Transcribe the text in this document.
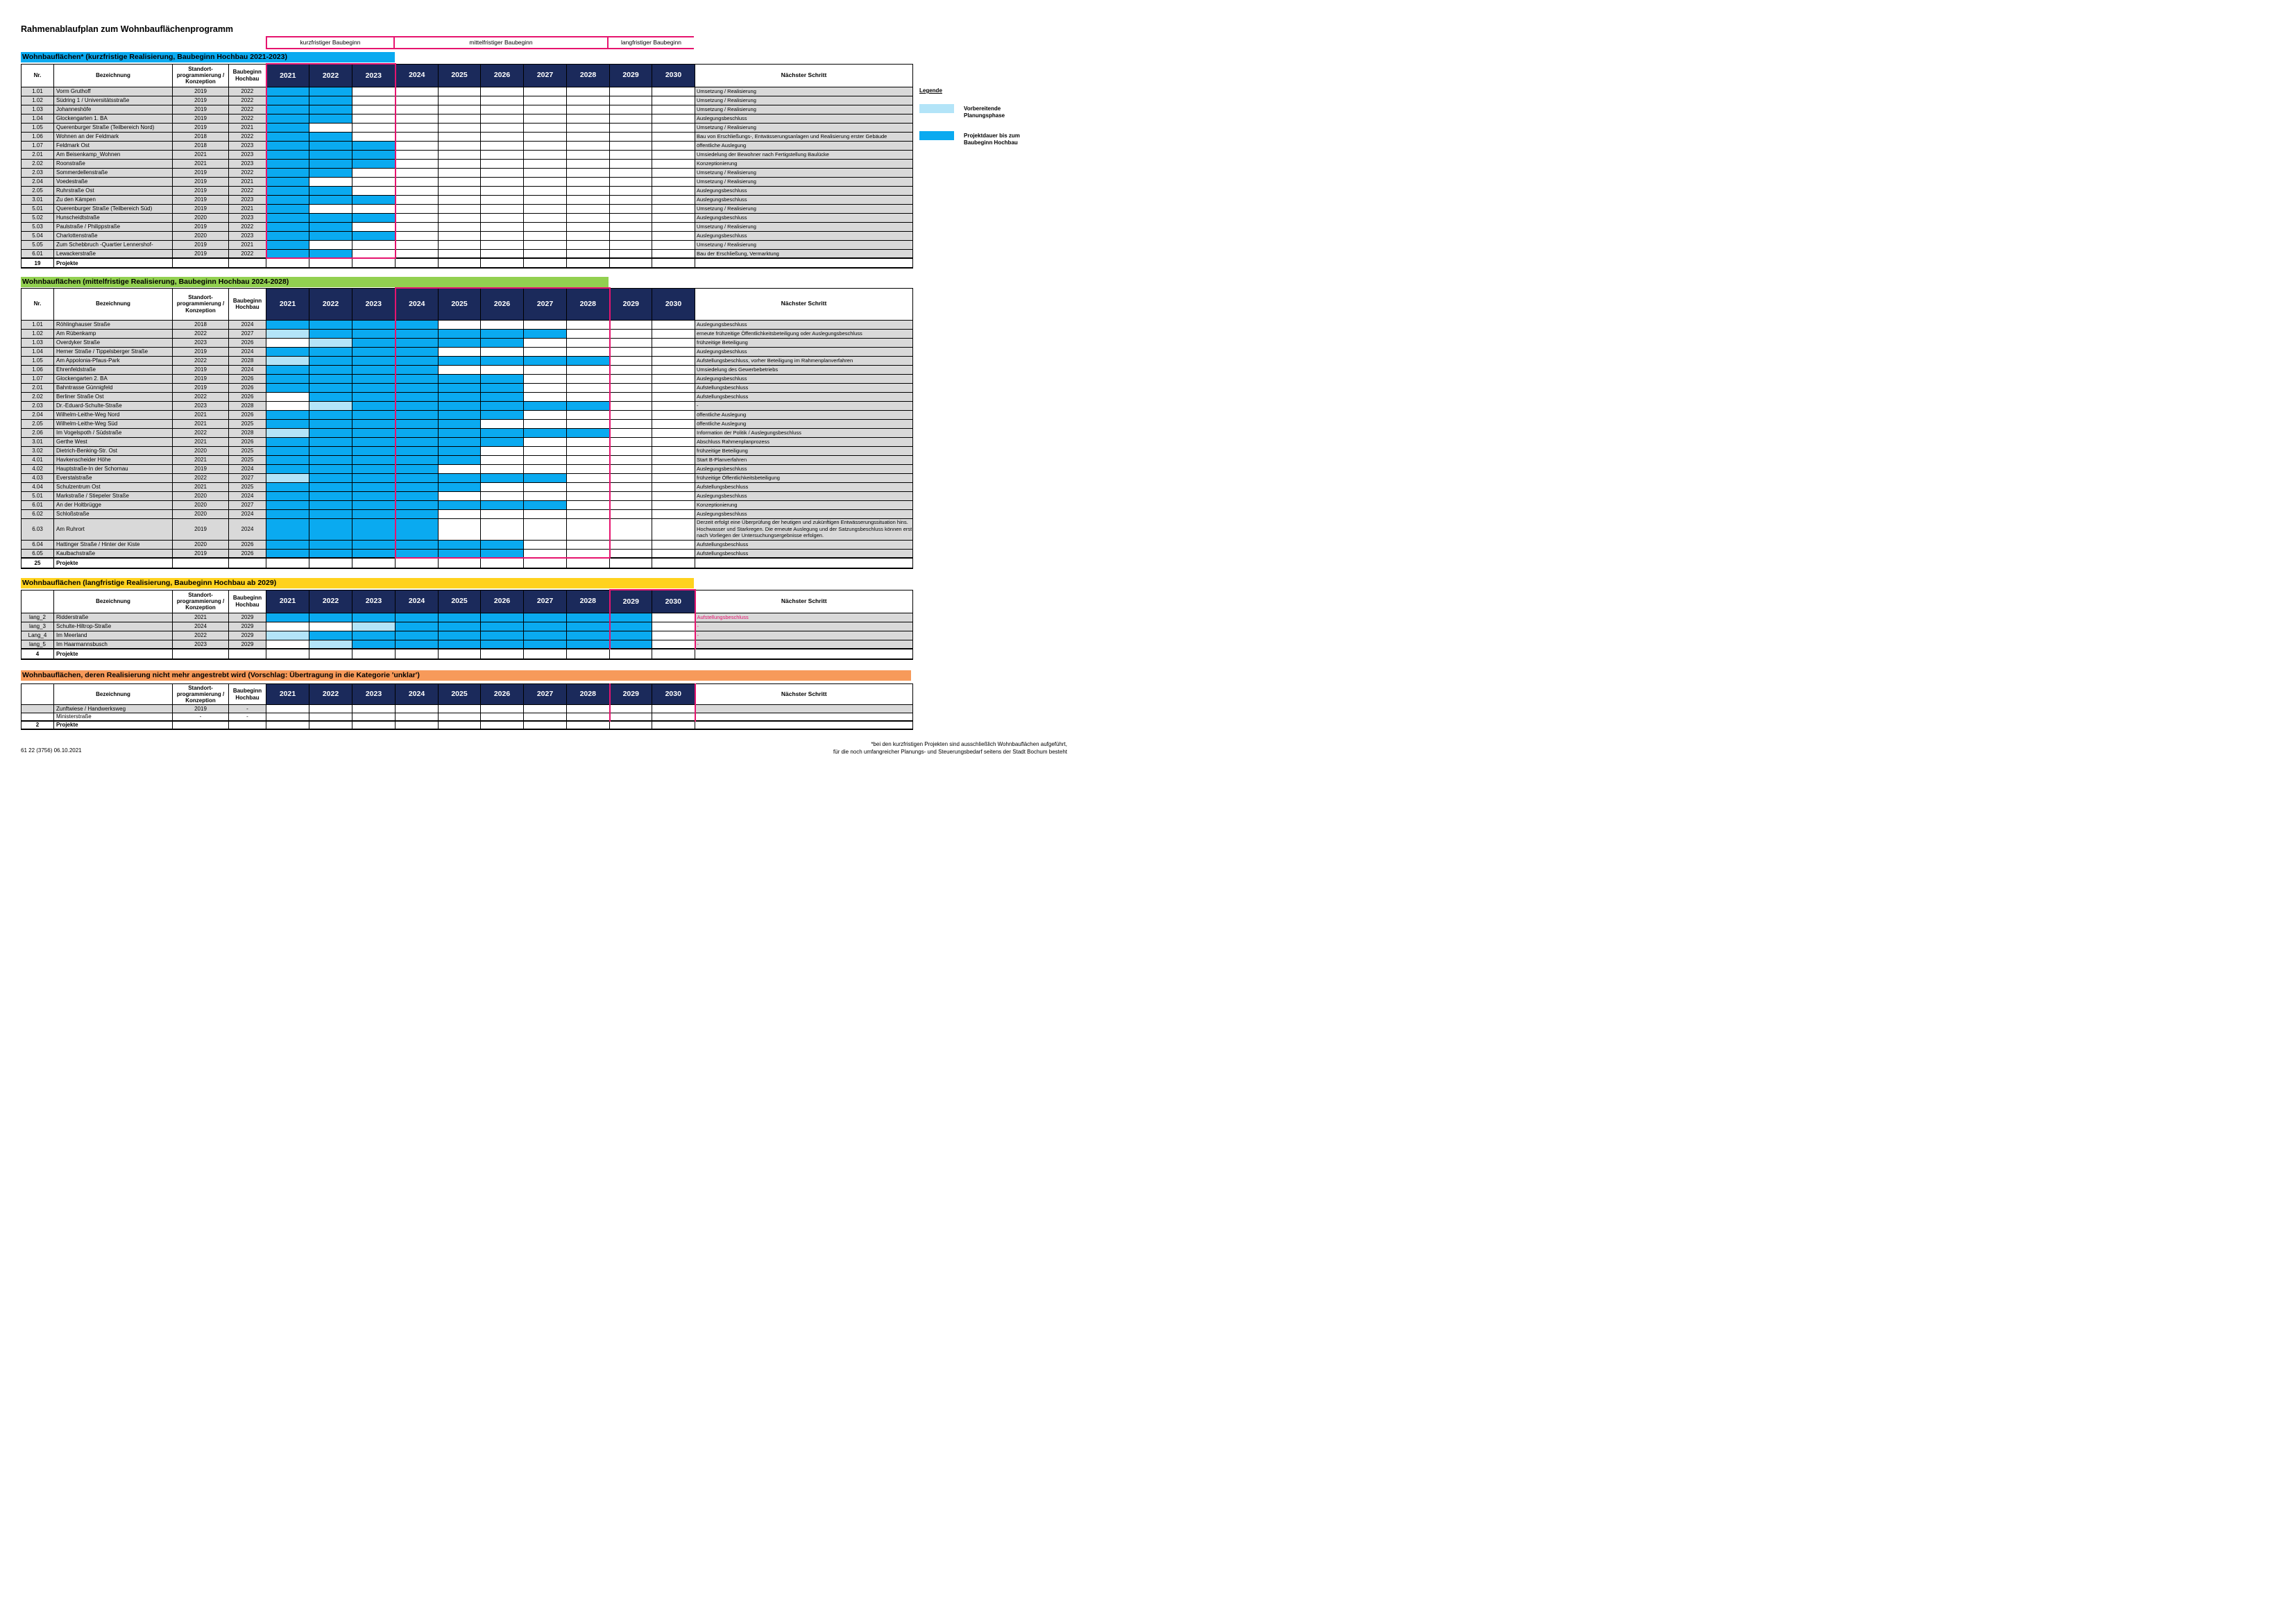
Rahmenablaufplan zum Wohnbauflächenprogramm
kurzfristiger Baubeginn	mittelfristiger Baubeginn	langfristiger Baubeginn
Wohnbauflächen* (kurzfristige Realisierung, Baubeginn Hochbau 2021-2023)
Nr.	Bezeichnung	Standort-programmierung / Konzeption	Baubeginn Hochbau	2021	2022	2023	2024	2025	2026	2027	2028	2029	2030	Nächster Schritt
1.01	Vorm Gruthoff	2019	2022											Umsetzung / Realisierung
1.02	Südring 1 / Universitätsstraße	2019	2022											Umsetzung / Realisierung
1.03	Johanneshöfe	2019	2022											Umsetzung / Realisierung
1.04	Glockengarten 1. BA	2019	2022											Auslegungsbeschluss
1.05	Querenburger Straße (Teilbereich Nord)	2019	2021											Umsetzung / Realisierung
1.06	Wohnen an der Feldmark	2018	2022											Bau von Erschließungs-, Entwässerungsanlagen und Realisierung erster Gebäude
1.07	Feldmark Ost	2018	2023											öffentliche Auslegung
2.01	Am Beisenkamp_Wohnen	2021	2023											Umsiedelung der Bewohner nach Fertigstellung Baulücke
2.02	Roonstraße	2021	2023											Konzeptionierung
2.03	Sommerdellenstraße	2019	2022											Umsetzung / Realisierung
2.04	Voedestraße	2019	2021											Umsetzung / Realisierung
2.05	Ruhrstraße Ost	2019	2022											Auslegungsbeschluss
3.01	Zu den Kämpen	2019	2023											Auslegungsbeschluss
5.01	Querenburger Straße (Teilbereich Süd)	2019	2021											Umsetzung / Realisierung
5.02	Hunscheidtstraße	2020	2023											Auslegungsbeschluss
5.03	Paulstraße / Philippstraße	2019	2022											Umsetzung / Realisierung
5.04	Charlottenstraße	2020	2023											Auslegungsbeschluss
5.05	Zum Schebbruch -Quartier Lennershof-	2019	2021											Umsetzung / Realisierung
6.01	Lewackerstraße	2019	2022											Bau der Erschließung, Vermarktung
19	Projekte													
Wohnbauflächen (mittelfristige Realisierung, Baubeginn Hochbau 2024-2028)
Nr.	Bezeichnung	Standort-programmierung / Konzeption	Baubeginn Hochbau	2021	2022	2023	2024	2025	2026	2027	2028	2029	2030	Nächster Schritt
1.01	Röhlinghauser Straße	2018	2024											Auslegungsbeschluss
1.02	Am Rübenkamp	2022	2027											erneute frühzeitige Öffentlichkeitsbeteiligung oder Auslegungsbeschluss
1.03	Overdyker Straße	2023	2026											frühzeitige Beteiligung
1.04	Herner Straße / Tippelsberger Straße	2019	2024											Auslegungsbeschluss
1.05	Am Appolonia-Pfaus-Park	2022	2028											Aufstellungsbeschluss, vorher Beteiligung im Rahmenplanverfahren
1.06	Ehrenfeldstraße	2019	2024											Umsiedelung des Gewerbebetriebs
1.07	Glockengarten 2. BA	2019	2026											Auslegungsbeschluss
2.01	Bahntrasse Günnigfeld	2019	2026											Aufstellungsbeschluss
2.02	Berliner Straße Ost	2022	2026											Aufstellungsbeschluss
2.03	Dr.-Eduard-Schulte-Straße	2023	2028											-
2.04	Wilhelm-Leithe-Weg Nord	2021	2026											öffentliche Auslegung
2.05	Wilhelm-Leithe-Weg Süd	2021	2025											öffentliche Auslegung
2.06	Im Vogelspoth / Südstraße	2022	2028											Information der Politik / Auslegungsbeschluss
3.01	Gerthe West	2021	2026											Abschluss Rahmenplanprozess
3.02	Dietrich-Benking-Str. Ost	2020	2025											frühzeitige Beteiligung
4.01	Havkenscheider Höhe	2021	2025											Start B-Planverfahren
4.02	Hauptstraße-In der Schornau	2019	2024											Auslegungsbeschluss
4.03	Everstalstraße	2022	2027											frühzeitige Öffentlichkeitsbeteiligung
4.04	Schulzentrum Ost	2021	2025											Aufstellungsbeschluss
5.01	Markstraße / Stiepeler Straße	2020	2024											Auslegungsbeschluss
6.01	An der Holtbrügge	2020	2027											Konzeptionierung
6.02	Schloßstraße	2020	2024											Auslegungsbeschluss
6.03	Am Ruhrort	2019	2024											Derzeit erfolgt eine Überprüfung der heutigen und zukünftigen Entwässerungssituation hins. Hochwasser und Starkregen. Die erneute Auslegung und der Satzungsbeschluss können erst nach Vorliegen der Untersuchungsergebnisse erfolgen.
6.04	Hattinger Straße / Hinter der Kiste	2020	2026											Aufstellungsbeschluss
6.05	Kaulbachstraße	2019	2026											Aufstellungsbeschluss
25	Projekte													
Wohnbauflächen (langfristige Realisierung, Baubeginn Hochbau ab 2029)
	Bezeichnung	Standort-programmierung / Konzeption	Baubeginn Hochbau	2021	2022	2023	2024	2025	2026	2027	2028	2029	2030	Nächster Schritt
lang_2	Ridderstraße	2021	2029											Aufstellungsbeschluss
lang_3	Schulte-Hiltrop-Straße	2024	2029											-
Lang_4	Im Meerland	2022	2029											-
lang_5	Im Haarmannsbusch	2023	2029											-
4	Projekte													
Wohnbauflächen, deren Realisierung nicht mehr angestrebt wird (Vorschlag: Übertragung in die Kategorie 'unklar')
	Bezeichnung	Standort-programmierung / Konzeption	Baubeginn Hochbau	2021	2022	2023	2024	2025	2026	2027	2028	2029	2030	Nächster Schritt
	Zunftwiese / Handwerksweg	2019	-											
	Ministerstraße	-	-											
2	Projekte													
Legende
Vorbereitende Planungsphase
Projektdauer bis zum Baubeginn Hochbau
61 22 (3756) 06.10.2021
*bei den kurzfristigen Projekten sind ausschließlich Wohnbauflächen aufgeführt,
für die noch umfangreicher Planungs- und Steuerungsbedarf seitens der Stadt Bochum besteht
